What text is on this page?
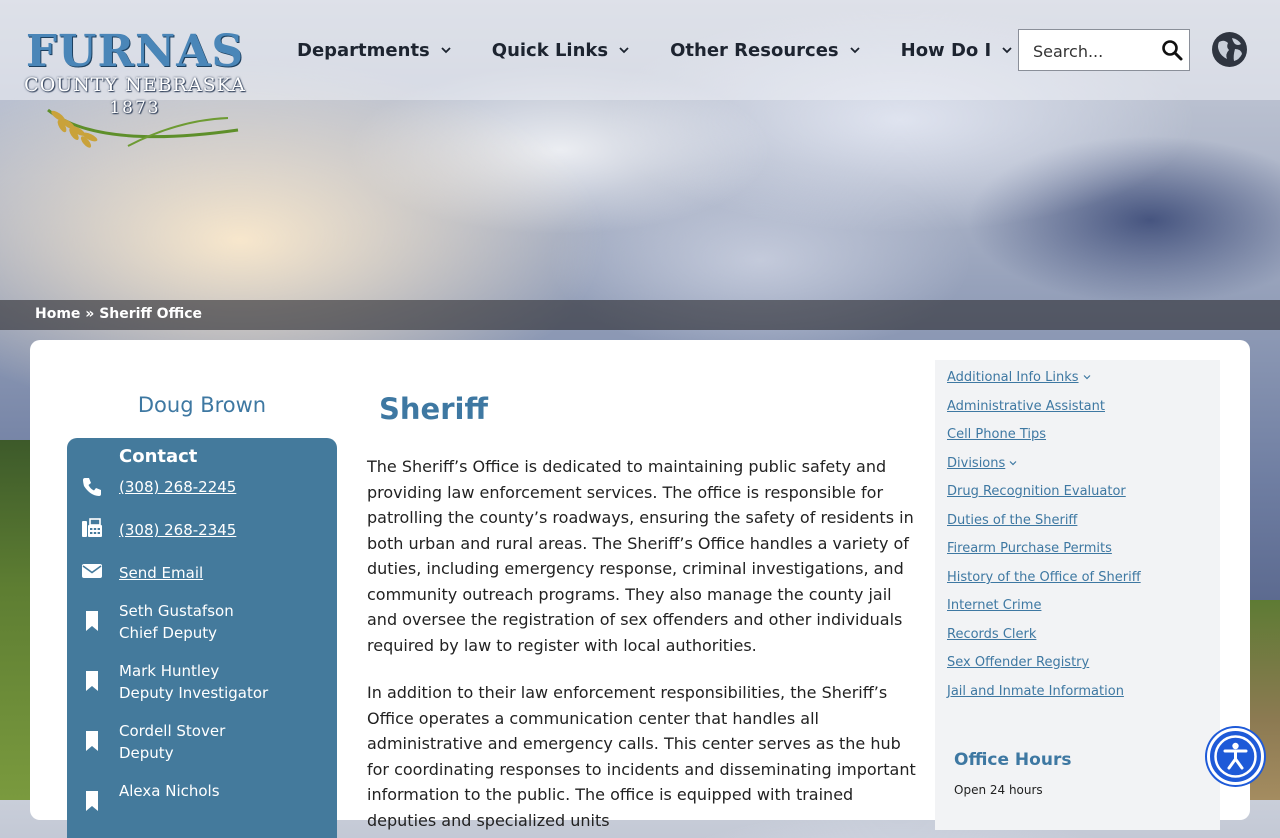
FURNAS
COUNTY NEBRASKA
1873
Departments	Quick Links	Other Resources	How Do I
Search...
Home » Sheriff Office
Doug Brown
Contact
(308) 268-2245
(308) 268-2345
Send Email
Seth Gustafson
Chief Deputy
Mark Huntley
Deputy Investigator
Cordell Stover
Deputy
Alexa Nichols
Sheriff

The Sheriff’s Office is dedicated to maintaining public safety and providing law enforcement services. The office is responsible for patrolling the county’s roadways, ensuring the safety of residents in both urban and rural areas. The Sheriff’s Office handles a variety of duties, including emergency response, criminal investigations, and community outreach programs. They also manage the county jail and oversee the registration of sex offenders and other individuals required by law to register with local authorities.

In addition to their law enforcement responsibilities, the Sheriff’s Office operates a communication center that handles all administrative and emergency calls. This center serves as the hub for coordinating responses to incidents and disseminating important information to the public. The office is equipped with trained deputies and specialized units

Additional Info Links
Administrative Assistant
Cell Phone Tips
Divisions
Drug Recognition Evaluator
Duties of the Sheriff
Firearm Purchase Permits
History of the Office of Sheriff
Internet Crime
Records Clerk
Sex Offender Registry
Jail and Inmate Information
Office Hours
Open 24 hours
